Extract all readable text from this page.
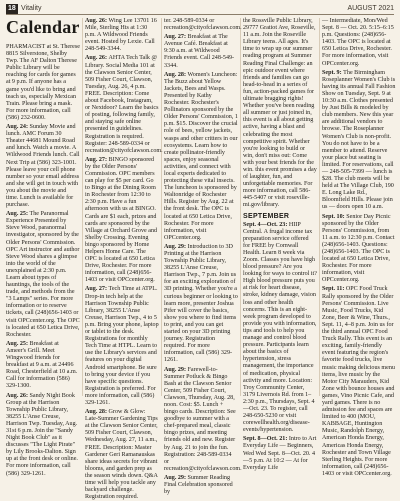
18 Vitality	AUGUST 2021
Calendar

PHARMACIST at St. Therese 8815 Silverstone, Shelby Twp. The AF Dalton Therese Public Library will be reaching for cards for games at 9 p.m. If anyone has a game you'd like to bring and teach us, especially Mexican Train. Please bring a mask. For more information, call (586) 232-0600.

Aug. 24: Sunday Movie and lunch. AMC Forum 30 Theater 44681 Mound Road and lunch. Watch a movie. A Wildwood Friends lunch. Call Next Trip at (586) 323-1001. Please leave your cell phone number so your email address and she will get in touch with you about the movie and time. Lunch is available for purchase.

Aug. 25: The Paranormal Experience Presented by Steve Wood, paranormal investigator, sponsored by the Older Persons' Commission. OPC Art instructor and author Steve Wood shares a glimpse into the world of the unexplained at 2:30 p.m. Learn about types of hauntings, the tools of the trade, and methods from the "3 Lamps" series. For more information or to reserve tickets, call (248)656-1403 or visit OPCcenter.org. The OPC is located at 650 Letica Drive, Rochester.

Aug. 25: Breakfast at Ameer's Grill. Meet Wingwood friends for breakfast at 9 a.m. at 24496 Road, Chesterfield at 10 a.m. Call for information (586) 329-1300.

Aug. 26: Sandy Night Book Group at the Harrison Township Public Library, 38255 L'Anse Creuse, Harrison Twp. Tuesday, Aug. 31st 6 p.m. Join the "Sandy Night Book Club" as it discusses "The Light Pirate" by Lily Brooks-Dalton. Sign up at the front desk or online. For more information, call (586) 329-1261.

Aug. 26: Wing Lee 13701 16 Mile, Sterling Hts at 1:30 p.m. A Wildwood Friends event. Hosted by Lexie. Call 248-549-3344.

Aug. 26: AHTA Tech Talk @ Library. Social Media 101 at the Clawson Senior Center, 509 Fisher Court, Clawson, Tuesday, Aug. 26, 4 p.m. FREE. Description: Come about Facebook, Instagram, or Nextdoor? Learn the basics of posting, following family, and staying safe online presented in guidelines. Registration is required. Register: 248-589-0334 or recreation@cityofclawson.com.

Aug. 27: BINGO sponsored by the Older Persons' Commission. OPC members can play for $5 per card. Go to Bingo at the Dining Room in Rochester from 12:30 to 2:30 p.m. Have a fun afternoon with us at BINGO. Cards are $1 each, prizes and cards are sponsored by the Village at Orchard Grove and Shelby Crossing. Evening bingo sponsored by Home Helpers Home Care. The OPC is located at 650 Letica Drive, Rochester. For more information, call (248)656-1403 or visit OPCcenter.org.

Aug. 27: Tech Time at ATPL. Drop-in tech help at the Harrison Township Public Library, 38255 L'Anse Creuse, Harrison Twp., 4 to 5 p.m. Bring your phone, laptop or tablet to the desk. Registrations for monthly Tech Time at HTPL. Learn to use the Library's services and features on your digital Android smartphone. Be sure to bring your device if you have specific questions. Registration is preferred. For more information, call (586) 329-1261.

Aug. 28: Grow & Glow: Late-Summer Gardening Tips at the Clawson Senior Center, 509 Fisher Court, Clawson, Wednesday, Aug. 27, 11 a.m., FREE. Description: Master Gardener Geri Ramanauskas share ideas secrets for vibrant blooms, and garden prep as the season winds down. Q&A time will help you tackle any backyard challenge. Registration required.

ter. 248-589-0334 or recreation@cityofclawson.com.

Aug. 27: Breakfast at The Avenue Café. Breakfast at 9:30 a.m. at Wildwood Friends event. Call 248-549-3344.

Aug. 28: Women's Luncheon: The Buzz about Yellow Jackets, Bees and Wasps. Presented by Kathy Rochester. Rochester's Pollinators sponsored by the Older Persons' Commission, 1 p.m. $15. Discover the crucial role of bees, yellow jackets, wasps and other critters in our ecosystems. Learn how to create pollinator-friendly spaces, enjoy seasonal activities, and connect with local experts dedicated to protecting these vital insects. The luncheon is sponsored by Waltonridge of Rochester Hills. Register by Aug. 22 at the front desk. The OPC is located at 650 Letica Drive, Rochester. For more information, visit OPCcenter.org.

Aug. 29: Introduction to 3D Printing at the Harrison Township Public Library, 38255 L'Anse Creuse, Harrison Twp., 7 p.m. Join us for an exciting exploration of 3D printing. Whether you're a curious beginner or looking to learn more, presenter Joshua Pifer will cover the basics, show you where to find items to print, and you can get started on your 3D printing journey. Registration required. For more information, call (586) 329-1261.

Aug. 29: Farewell-to-Summer Potluck & Bingo Bash at the Clawson Senior Center, 509 Fisher Court, Clawson, Thursday, Aug. 28, noon. Cost: $5. Lunch + bingo cards. Description: See goodbye to summer with a chef-prepared meal, classic bingo prizes, and meeting friends old and new. Register by Aug. 21 to join the fun. Registration: 248-589-0334 or recreation@cityofclawson.com.

Aug. 29: Summer Reading Final Celebration sponsored by

the Rossville Public Library, 29777 Gratiot Ave, Roseville, 11 a.m. Join the Roseville Library teens. All ages. It's time to wrap up our summer reading program at Summer Reading Final Challenge: an epic outdoor event where friends and families can go head-to-head in a series of fun, action-packed games for ultimate bragging rights! Whether you've been reading all summer or just joined in, this event is all about getting active, having a blast and celebrating the most competitive spirit. Whether you're looking to build or win, don't miss out: Come with your best friends for the win. this event promises a day of laughter, fun, and unforgettable memories. For more information, call 586-445-5407 or visit roseville-mi.gov/library.

SEPTEMBER

Sept. 4—Oct. 23: HIIP Central. A frugal income tax preparation service offered for FREE by Cornwall Health. Learn 8 week via Zoom. Classes you have high blood pressure? Are you looking for ways to control it? High blood pressure puts you at risk for heart disease, stroke, kidney damage, vision loss and other health concerns. This is an eight-week program developed to provide you with information, tips and tools to help you manage and control blood pressure. Participants learn about the basics of hypertension, stress management, the importance of medication, physical activity and more. Location: Troy Community Center, 3179 Livernois Rd. from 1–2:30 p.m., Thursdays, Sept. 4—Oct. 23. To register, call 248-650-5230 or visit corewellhealth.org/disease-events/hypertension.

Sept. 8—Oct. 21: Intro to Art Everyday Life — Beginners, Wed Wed Sept. 8—Oct. 20. 4—5 p.m. At 10:2 — At for Everyday Life

— Intermediate, Mon/Wed Sept. 8 — Oct. 20. 5:15–6:15 p.m. Questions: (248)656-1403. The OPC is located at 650 Letica Drive, Rochester. For more information, visit OPCcenter.org.

Sept. 9: The Birmingham Roseplanner Women's Club is having its annual Fall Fashion Show on Tuesday, Sept. 9 at 10:30 a.m. Clothes presented by Just Bills & modeled by club members. New this year are additional vendors to browse. The Roseplanner Women's Club is non-profit. You do not have to be a member to attend. Reserve your place but seating is limited. For reservations, call — 248-505-7399 — lunch is $28. The club meets will be held at The Village Club, 190 E. Long Lake Rd., Bloomfield Hills. Please join us — doors open 10 a.m.

Sept. 10: Senior Day Picnic sponsored by the Older Persons' Commission, from 11 a.m. to 12:30 p.m. Contact (248)656-1403. Questions: (248)656-1403. The OPC is located at 650 Letica Drive, Rochester. For more information, visit OPCcenter.org.

Sept. 11: OPC Food Truck Rally sponsored by the Older Persons' Commission. Live Music, Food Trucks, Kid Zone, Beer & Wine, Thurs., Sept. 11, 4–8 p.m. Join us for the third annual OPC Food Truck Rally. This event is an exciting, family-friendly event featuring the region's favorite food trucks, live music making delicious menu items, live music by the Motor City Marauders, Kid Zone with bounce houses and games, Vino Picnic Cafe, and yard games. There is no admission fee and spaces are limited to 400 (MOU, KABBAGE, Huntington Music, Randolph Energy, American Honda Energy, Americas Honda Energy, Rochester and Town Village Sterling Heights. For more information, call (248)656-1403 or visit OPCcenter.org.
